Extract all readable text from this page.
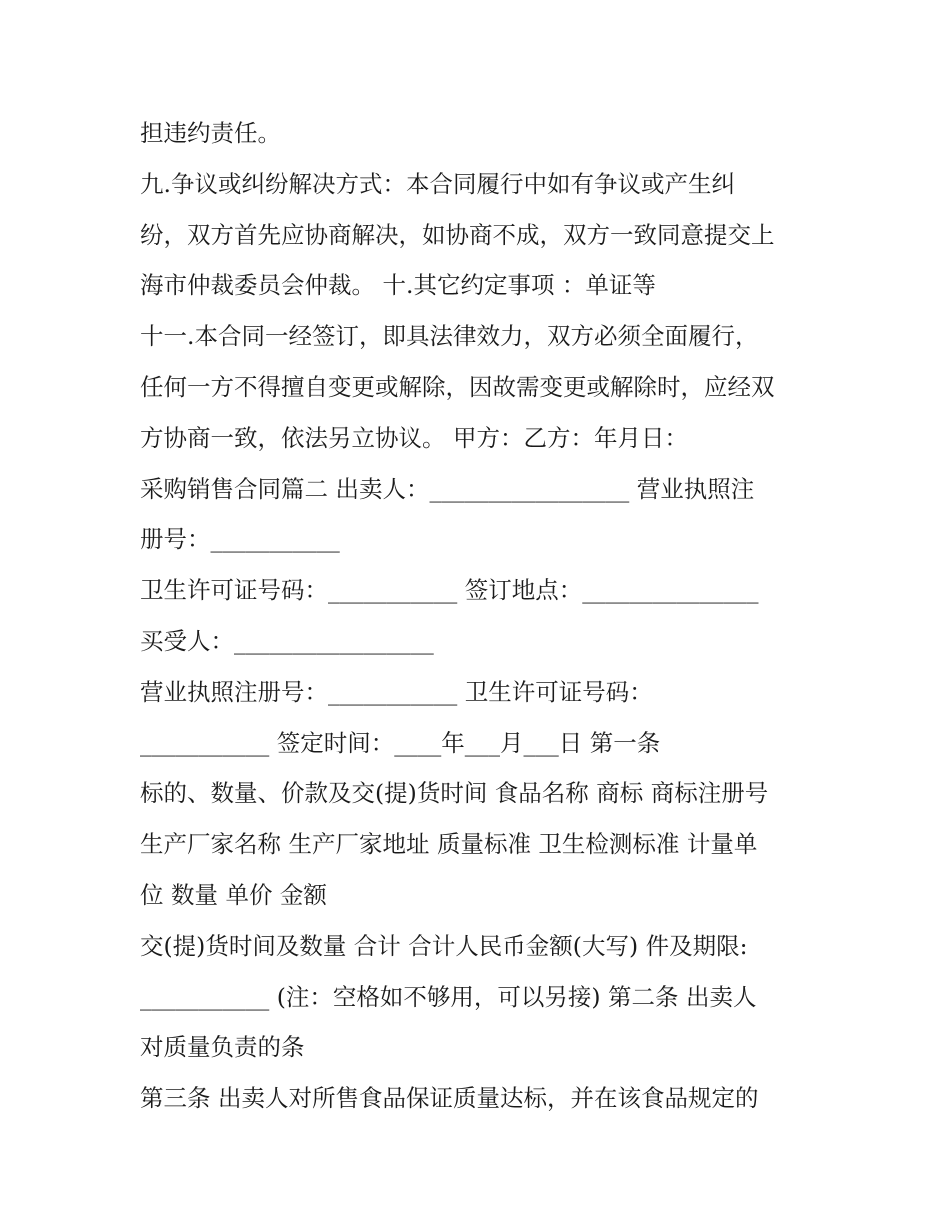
担违约责任。
九.争议或纠纷解决方式：本合同履行中如有争议或产生纠
纷，双方首先应协商解决，如协商不成，双方一致同意提交上
海市仲裁委员会仲裁。 十.其它约定事项 ：单证等
十一.本合同一经签订，即具法律效力，双方必须全面履行，
任何一方不得擅自变更或解除，因故需变更或解除时，应经双
方协商一致，依法另立协议。 甲方：乙方：年月日：
采购销售合同篇二 出卖人：_________________ 营业执照注
册号：___________
卫生许可证号码：___________ 签订地点：_______________
买受人：_________________
营业执照注册号：___________ 卫生许可证号码：
___________ 签定时间：____年___月___日 第一条
标的、数量、价款及交(提)货时间 食品名称 商标 商标注册号
生产厂家名称 生产厂家地址 质量标准 卫生检测标准 计量单
位 数量 单价 金额
交(提)货时间及数量 合计 合计人民币金额(大写) 件及期限:
___________ (注：空格如不够用，可以另接) 第二条 出卖人
对质量负责的条
第三条 出卖人对所售食品保证质量达标，并在该食品规定的
